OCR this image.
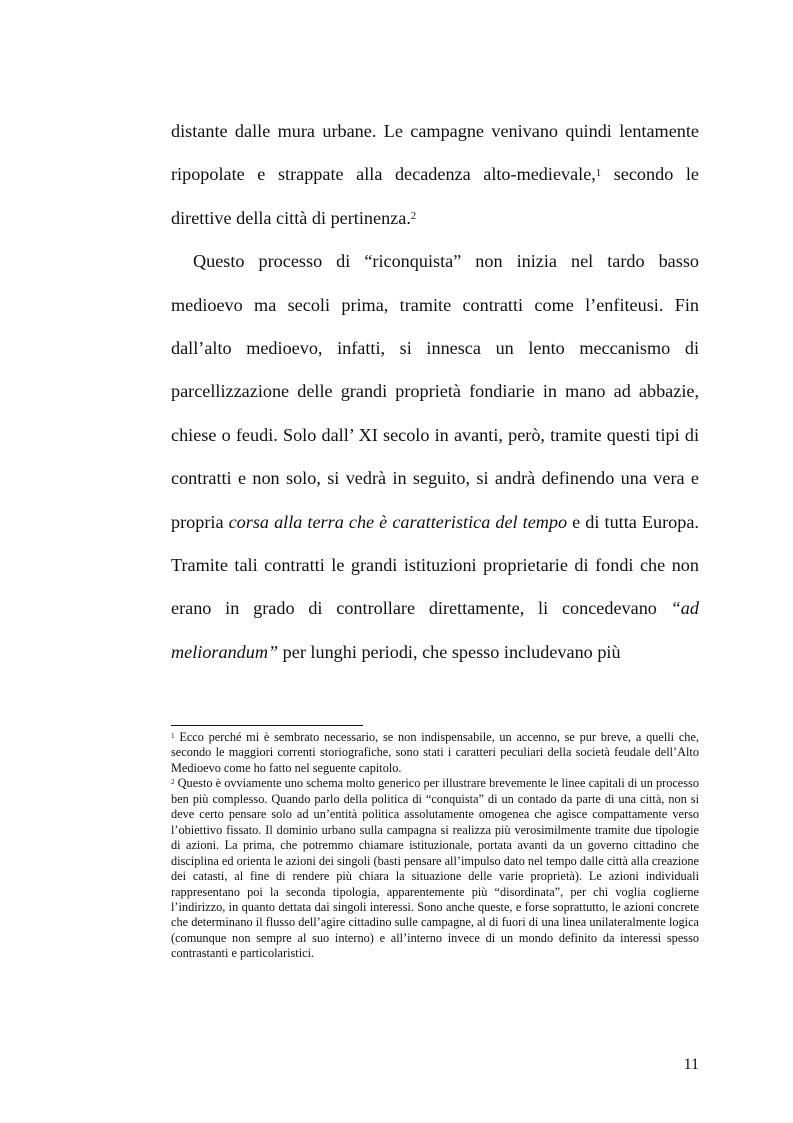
distante dalle mura urbane. Le campagne venivano quindi lentamente ripopolate e strappate alla decadenza alto-medievale,$^1$ secondo le direttive della città di pertinenza.$^2$

Questo processo di “riconquista” non inizia nel tardo basso medioevo ma secoli prima, tramite contratti come l’enfiteusi. Fin dall’alto medioevo, infatti, si innesca un lento meccanismo di parcellizzazione delle grandi proprietà fondiarie in mano ad abbazie, chiese o feudi. Solo dall’ XI secolo in avanti, però, tramite questi tipi di contratti e non solo, si vedrà in seguito, si andrà definendo una vera e propria corsa alla terra che è caratteristica del tempo e di tutta Europa. Tramite tali contratti le grandi istituzioni proprietarie di fondi che non erano in grado di controllare direttamente, li concedevano “ad meliorandum” per lunghi periodi, che spesso includevano più

$^1$ Ecco perché mi è sembrato necessario, se non indispensabile, un accenno, se pur breve, a quelli che, secondo le maggiori correnti storiografiche, sono stati i caratteri peculiari della società feudale dell’Alto Medioevo come ho fatto nel seguente capitolo.

$^2$ Questo è ovviamente uno schema molto generico per illustrare brevemente le linee capitali di un processo ben più complesso. Quando parlo della politica di “conquista” di un contado da parte di una città, non si deve certo pensare solo ad un’entità politica assolutamente omogenea che agisce compattamente verso l’obiettivo fissato. Il dominio urbano sulla campagna si realizza più verosimilmente tramite due tipologie di azioni. La prima, che potremmo chiamare istituzionale, portata avanti da un governo cittadino che disciplina ed orienta le azioni dei singoli (basti pensare all’impulso dato nel tempo dalle città alla creazione dei catasti, al fine di rendere più chiara la situazione delle varie proprietà). Le azioni individuali rappresentano poi la seconda tipologia, apparentemente più “disordinata”, per chi voglia coglierne l’indirizzo, in quanto dettata dai singoli interessi. Sono anche queste, e forse soprattutto, le azioni concrete che determinano il flusso dell’agire cittadino sulle campagne, al di fuori di una linea unilateralmente logica (comunque non sempre al suo interno) e all’interno invece di un mondo definito da interessi spesso contrastanti e particolaristici.

11
